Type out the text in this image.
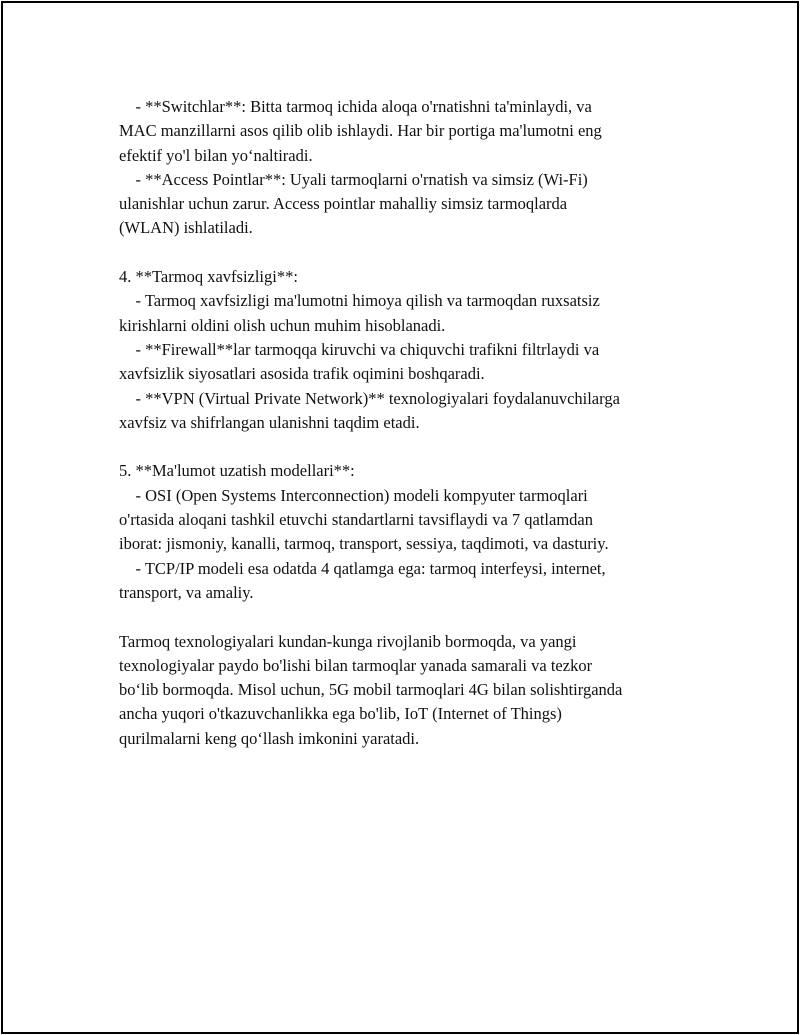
- **Switchlar**: Bitta tarmoq ichida aloqa o'rnatishni ta'minlaydi, va
MAC manzillarni asos qilib olib ishlaydi. Har bir portiga ma'lumotni eng
efektif yo'l bilan yo‘naltiradi.
- **Access Pointlar**: Uyali tarmoqlarni o'rnatish va simsiz (Wi-Fi)
ulanishlar uchun zarur. Access pointlar mahalliy simsiz tarmoqlarda
(WLAN) ishlatiladi.
4. **Tarmoq xavfsizligi**:
- Tarmoq xavfsizligi ma'lumotni himoya qilish va tarmoqdan ruxsatsiz
kirishlarni oldini olish uchun muhim hisoblanadi.
- **Firewall**lar tarmoqqa kiruvchi va chiquvchi trafikni filtrlaydi va
xavfsizlik siyosatlari asosida trafik oqimini boshqaradi.
- **VPN (Virtual Private Network)** texnologiyalari foydalanuvchilarga
xavfsiz va shifrlangan ulanishni taqdim etadi.
5. **Ma'lumot uzatish modellari**:
- OSI (Open Systems Interconnection) modeli kompyuter tarmoqlari
o'rtasida aloqani tashkil etuvchi standartlarni tavsiflaydi va 7 qatlamdan
iborat: jismoniy, kanalli, tarmoq, transport, sessiya, taqdimoti, va dasturiy.
- TCP/IP modeli esa odatda 4 qatlamga ega: tarmoq interfeysi, internet,
transport, va amaliy.
Tarmoq texnologiyalari kundan-kunga rivojlanib bormoqda, va yangi
texnologiyalar paydo bo'lishi bilan tarmoqlar yanada samarali va tezkor
bo‘lib bormoqda. Misol uchun, 5G mobil tarmoqlari 4G bilan solishtirganda
ancha yuqori o'tkazuvchanlikka ega bo'lib, IoT (Internet of Things)
qurilmalarni keng qo‘llash imkonini yaratadi.
